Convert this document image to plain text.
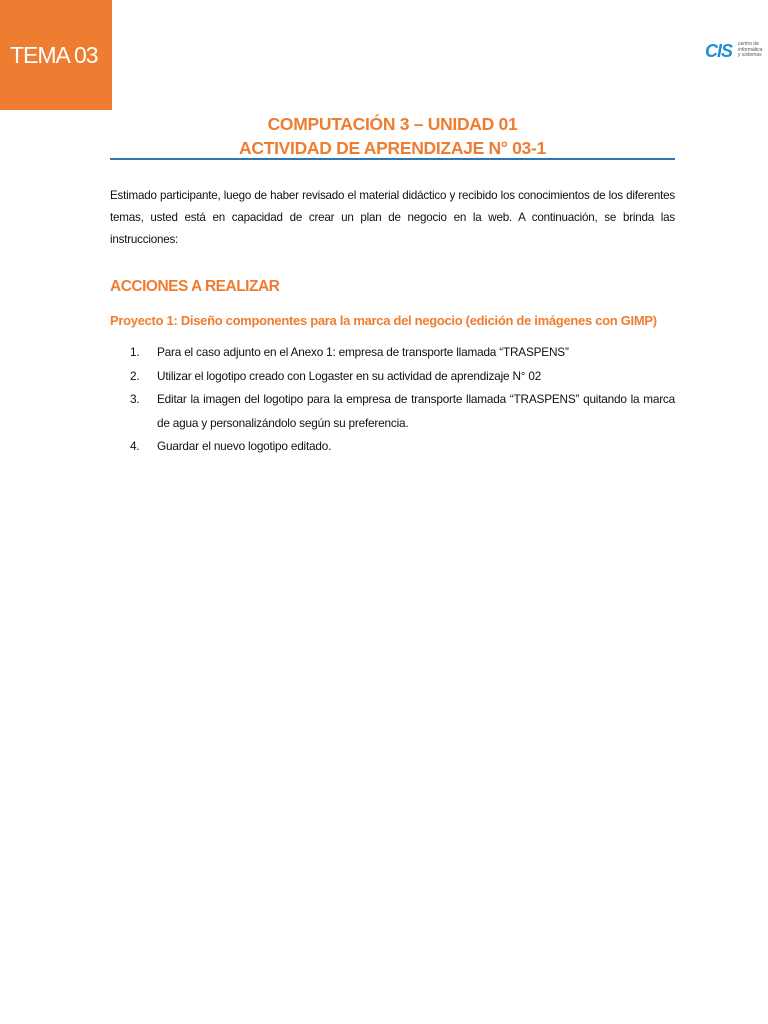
TEMA 03	CIS centro de
informática
y sistemas
COMPUTACIÓN 3 – UNIDAD 01
ACTIVIDAD DE APRENDIZAJE N° 03-1

Estimado participante, luego de haber revisado el material didáctico y recibido los conocimientos de los diferentes temas, usted está en capacidad de crear un plan de negocio en la web. A continuación, se brinda las instrucciones:

ACCIONES A REALIZAR
Proyecto 1: Diseño componentes para la marca del negocio (edición de imágenes con GIMP)
1. Para el caso adjunto en el Anexo 1: empresa de transporte llamada “TRASPENS”
2. Utilizar el logotipo creado con Logaster en su actividad de aprendizaje N° 02
3. Editar la imagen del logotipo para la empresa de transporte llamada “TRASPENS” quitando la marca de agua y personalizándolo según su preferencia.
4. Guardar el nuevo logotipo editado.
